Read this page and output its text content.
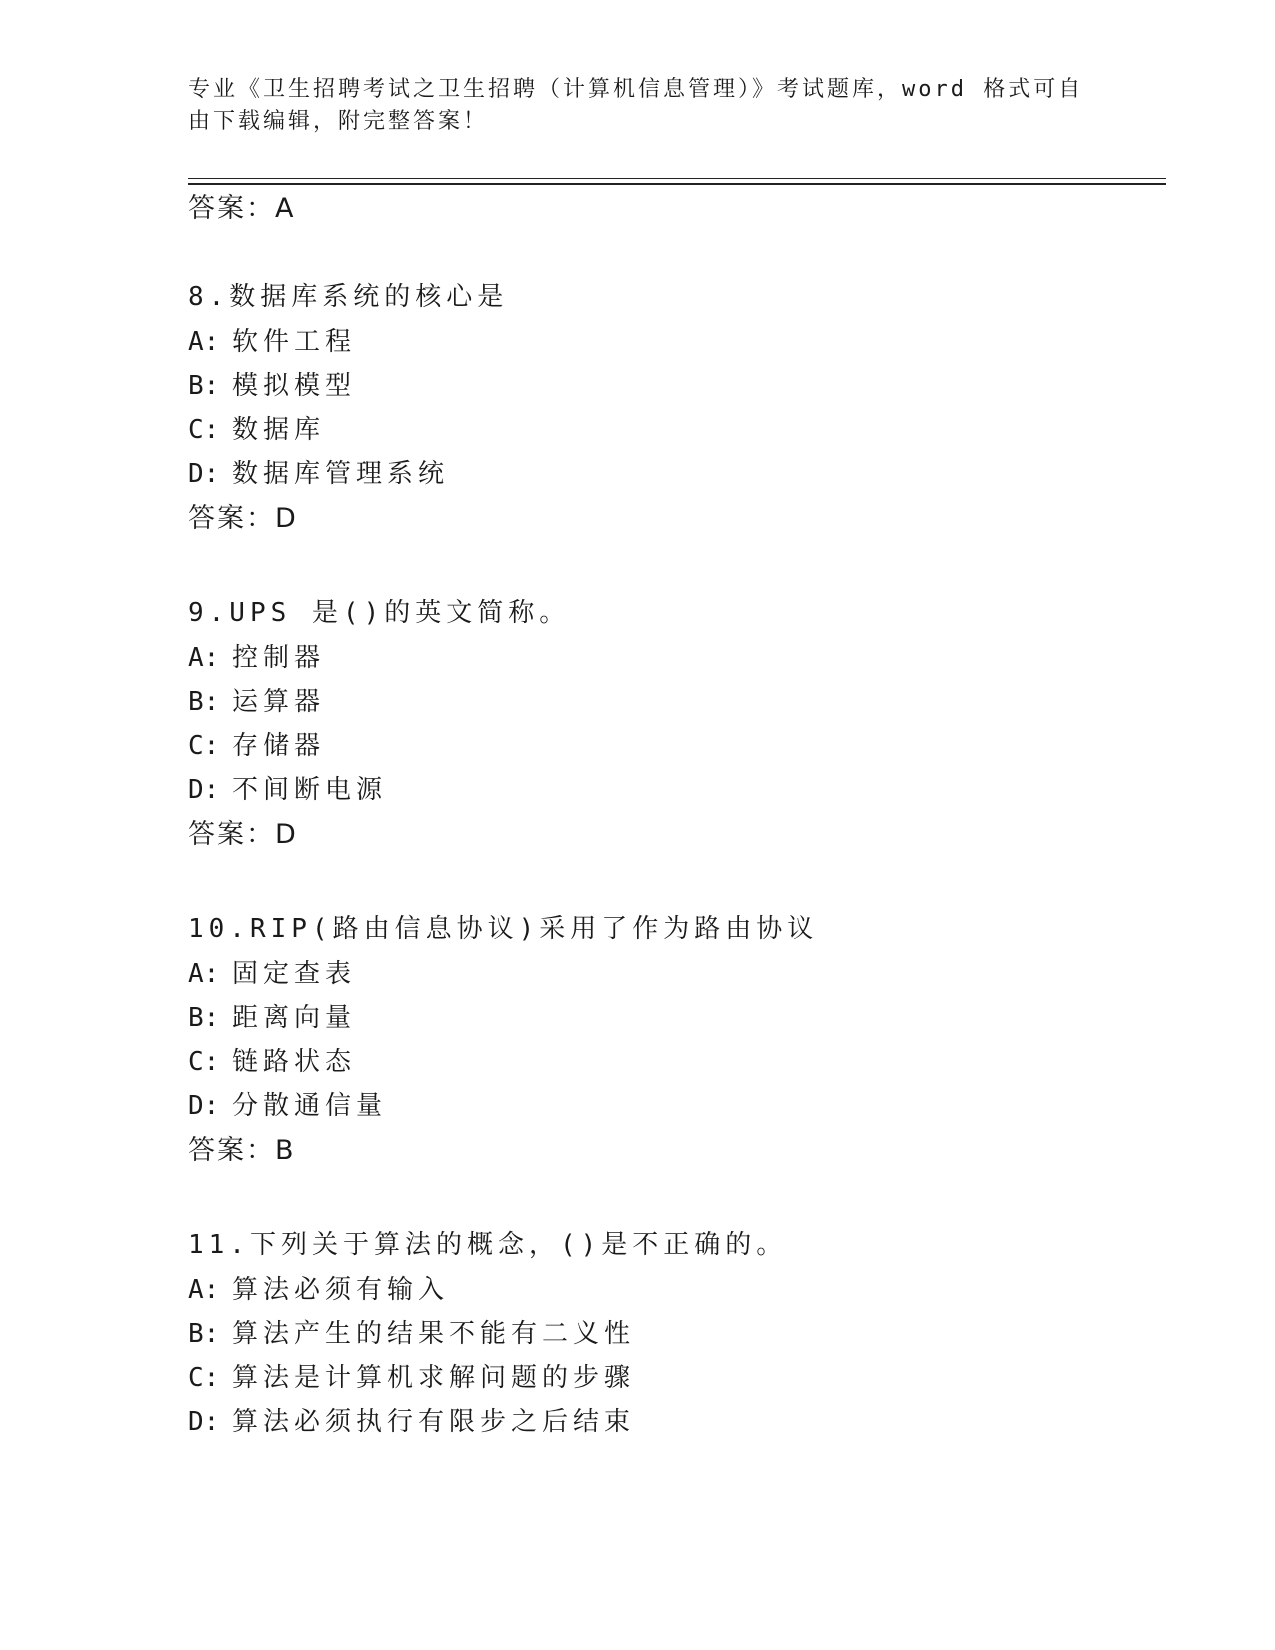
专业《卫生招聘考试之卫生招聘（计算机信息管理）》考试题库，word 格式可自
由下载编辑，附完整答案！
答案：A
8.数据库系统的核心是
A: 软件工程
B: 模拟模型
C: 数据库
D: 数据库管理系统
答案：D
9.UPS 是()的英文简称。
A: 控制器
B: 运算器
C: 存储器
D: 不间断电源
答案：D
10.RIP(路由信息协议)采用了作为路由协议
A: 固定查表
B: 距离向量
C: 链路状态
D: 分散通信量
答案：B
11.下列关于算法的概念，()是不正确的。
A: 算法必须有输入
B: 算法产生的结果不能有二义性
C: 算法是计算机求解问题的步骤
D: 算法必须执行有限步之后结束
